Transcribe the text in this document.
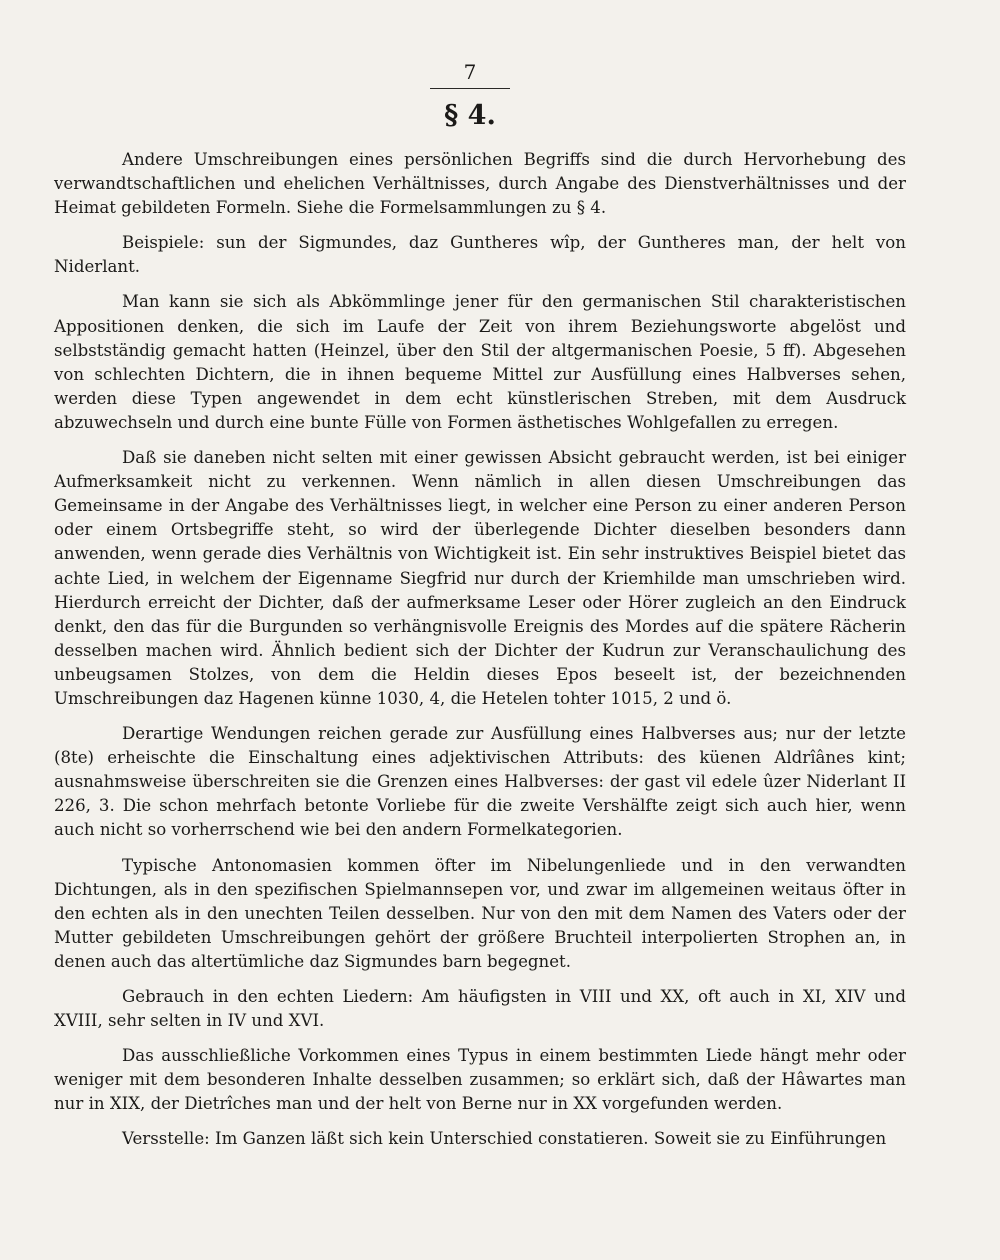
7
§ 4.

Andere Umschreibungen eines persönlichen Begriffs sind die durch Hervorhebung des verwandtschaftlichen und ehelichen Verhältnisses, durch Angabe des Dienstverhältnisses und der Heimat gebildeten Formeln. Siehe die Formelsammlungen zu § 4.

Beispiele: sun der Sigmundes, daz Guntheres wîp, der Guntheres man, der helt von Niderlant.

Man kann sie sich als Abkömmlinge jener für den germanischen Stil charakteristischen Appositionen denken, die sich im Laufe der Zeit von ihrem Beziehungsworte abgelöst und selbstständig gemacht hatten (Heinzel, über den Stil der altgermanischen Poesie, 5 ff). Abgesehen von schlechten Dichtern, die in ihnen bequeme Mittel zur Ausfüllung eines Halbverses sehen, werden diese Typen angewendet in dem echt künstlerischen Streben, mit dem Ausdruck abzuwechseln und durch eine bunte Fülle von Formen ästhetisches Wohlgefallen zu erregen.

Daß sie daneben nicht selten mit einer gewissen Absicht gebraucht werden, ist bei einiger Aufmerksamkeit nicht zu verkennen. Wenn nämlich in allen diesen Umschreibungen das Gemeinsame in der Angabe des Verhältnisses liegt, in welcher eine Person zu einer anderen Person oder einem Ortsbegriffe steht, so wird der überlegende Dichter dieselben besonders dann anwenden, wenn gerade dies Verhältnis von Wichtigkeit ist. Ein sehr instruktives Beispiel bietet das achte Lied, in welchem der Eigenname Siegfrid nur durch der Kriemhilde man umschrieben wird. Hierdurch erreicht der Dichter, daß der aufmerksame Leser oder Hörer zugleich an den Eindruck denkt, den das für die Burgunden so verhängnisvolle Ereignis des Mordes auf die spätere Rächerin desselben machen wird. Ähnlich bedient sich der Dichter der Kudrun zur Veranschaulichung des unbeugsamen Stolzes, von dem die Heldin dieses Epos beseelt ist, der bezeichnenden Umschreibungen daz Hagenen künne 1030, 4, die Hetelen tohter 1015, 2 und ö.

Derartige Wendungen reichen gerade zur Ausfüllung eines Halbverses aus; nur der letzte (8te) erheischte die Einschaltung eines adjektivischen Attributs: des küenen Aldrîânes kint; ausnahmsweise überschreiten sie die Grenzen eines Halbverses: der gast vil edele ûzer Niderlant II 226, 3. Die schon mehrfach betonte Vorliebe für die zweite Vershälfte zeigt sich auch hier, wenn auch nicht so vorherrschend wie bei den andern Formelkategorien.

Typische Antonomasien kommen öfter im Nibelungenliede und in den verwandten Dichtungen, als in den spezifischen Spielmannsepen vor, und zwar im allgemeinen weitaus öfter in den echten als in den unechten Teilen desselben. Nur von den mit dem Namen des Vaters oder der Mutter gebildeten Umschreibungen gehört der größere Bruchteil interpolierten Strophen an, in denen auch das altertümliche daz Sigmundes barn begegnet.

Gebrauch in den echten Liedern: Am häufigsten in VIII und XX, oft auch in XI, XIV und XVIII, sehr selten in IV und XVI.

Das ausschließliche Vorkommen eines Typus in einem bestimmten Liede hängt mehr oder weniger mit dem besonderen Inhalte desselben zusammen; so erklärt sich, daß der Hâwartes man nur in XIX, der Dietrîches man und der helt von Berne nur in XX vorgefunden werden.

Versstelle: Im Ganzen läßt sich kein Unterschied constatieren. Soweit sie zu Einführungen
